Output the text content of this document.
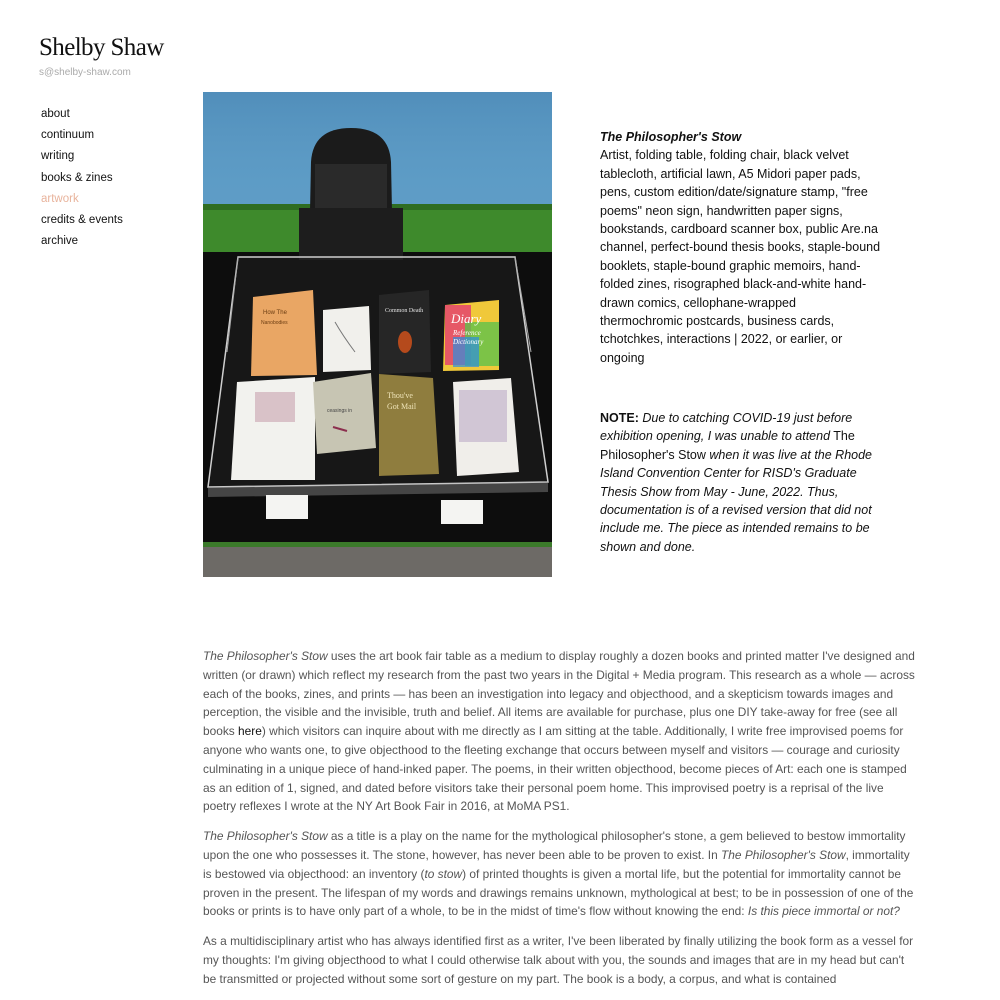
Shelby Shaw
s@shelby-shaw.com
about
continuum
writing
books & zines
artwork
credits & events
archive
How The
Nanobodies
Common Death Diary
Reference
Dictionary
ceasings in
Thou've
Got Mail
The Philosopher's Stow
Artist, folding table, folding chair, black velvet tablecloth, artificial lawn, A5 Midori paper pads, pens, custom edition/date/signature stamp, "free poems" neon sign, handwritten paper signs, bookstands, cardboard scanner box, public Are.na channel, perfect-bound thesis books, staple-bound booklets, staple-bound graphic memoirs, hand-folded zines, risographed black-and-white hand-drawn comics, cellophane-wrapped thermochromic postcards, business cards, tchotchkes, interactions | 2022, or earlier, or ongoing
NOTE: Due to catching COVID-19 just before exhibition opening, I was unable to attend The Philosopher's Stow when it was live at the Rhode Island Convention Center for RISD's Graduate Thesis Show from May - June, 2022. Thus, documentation is of a revised version that did not include me. The piece as intended remains to be shown and done.

The Philosopher's Stow uses the art book fair table as a medium to display roughly a dozen books and printed matter I've designed and written (or drawn) which reflect my research from the past two years in the Digital + Media program. This research as a whole — across each of the books, zines, and prints — has been an investigation into legacy and objecthood, and a skepticism towards images and perception, the visible and the invisible, truth and belief. All items are available for purchase, plus one DIY take-away for free (see all books here) which visitors can inquire about with me directly as I am sitting at the table. Additionally, I write free improvised poems for anyone who wants one, to give objecthood to the fleeting exchange that occurs between myself and visitors — courage and curiosity culminating in a unique piece of hand-inked paper. The poems, in their written objecthood, become pieces of Art: each one is stamped as an edition of 1, signed, and dated before visitors take their personal poem home. This improvised poetry is a reprisal of the live poetry reflexes I wrote at the NY Art Book Fair in 2016, at MoMA PS1.

The Philosopher's Stow as a title is a play on the name for the mythological philosopher's stone, a gem believed to bestow immortality upon the one who possesses it. The stone, however, has never been able to be proven to exist. In The Philosopher's Stow, immortality is bestowed via objecthood: an inventory (to stow) of printed thoughts is given a mortal life, but the potential for immortality cannot be proven in the present. The lifespan of my words and drawings remains unknown, mythological at best; to be in possession of one of the books or prints is to have only part of a whole, to be in the midst of time's flow without knowing the end: Is this piece immortal or not?

As a multidisciplinary artist who has always identified first as a writer, I've been liberated by finally utilizing the book form as a vessel for my thoughts: I'm giving objecthood to what I could otherwise talk about with you, the sounds and images that are in my head but can't be transmitted or projected without some sort of gesture on my part. The book is a body, a corpus, and what is contained
